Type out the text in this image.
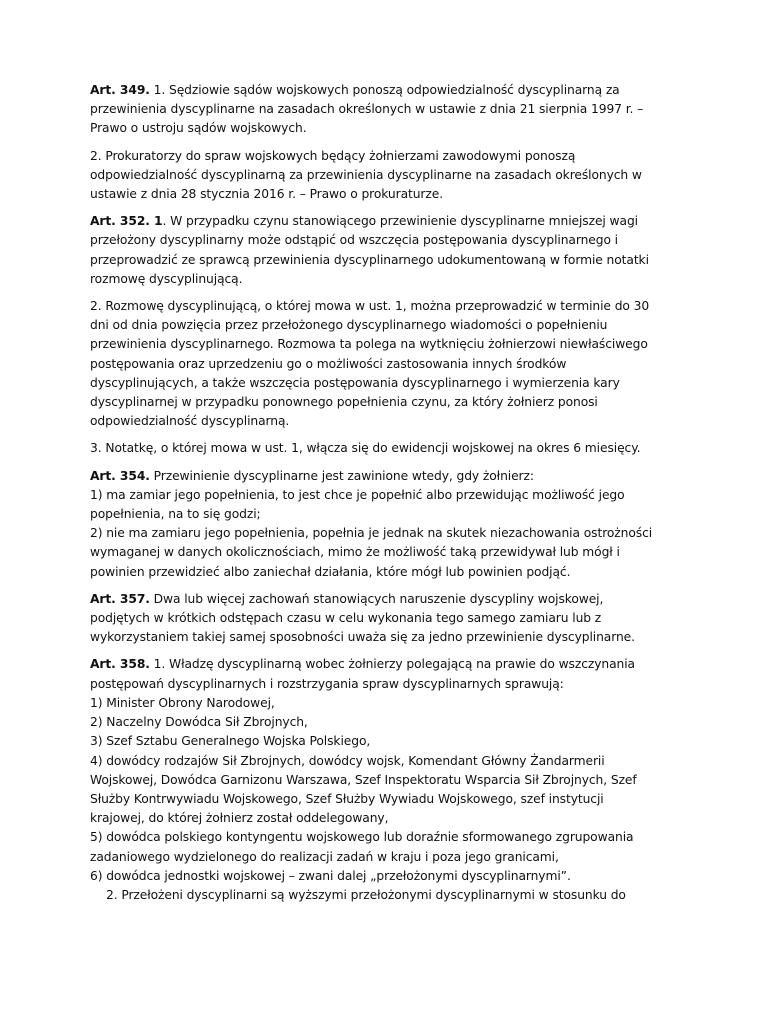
Art. 349. 1. Sędziowie sądów wojskowych ponoszą odpowiedzialność dyscyplinarną za
przewinienia dyscyplinarne na zasadach określonych w ustawie z dnia 21 sierpnia 1997 r. –
Prawo o ustroju sądów wojskowych.

2. Prokuratorzy do spraw wojskowych będący żołnierzami zawodowymi ponoszą
odpowiedzialność dyscyplinarną za przewinienia dyscyplinarne na zasadach określonych w
ustawie z dnia 28 stycznia 2016 r. – Prawo o prokuraturze.

Art. 352. 1. W przypadku czynu stanowiącego przewinienie dyscyplinarne mniejszej wagi
przełożony dyscyplinarny może odstąpić od wszczęcia postępowania dyscyplinarnego i
przeprowadzić ze sprawcą przewinienia dyscyplinarnego udokumentowaną w formie notatki
rozmowę dyscyplinującą.

2. Rozmowę dyscyplinującą, o której mowa w ust. 1, można przeprowadzić w terminie do 30
dni od dnia powzięcia przez przełożonego dyscyplinarnego wiadomości o popełnieniu
przewinienia dyscyplinarnego. Rozmowa ta polega na wytknięciu żołnierzowi niewłaściwego
postępowania oraz uprzedzeniu go o możliwości zastosowania innych środków
dyscyplinujących, a także wszczęcia postępowania dyscyplinarnego i wymierzenia kary
dyscyplinarnej w przypadku ponownego popełnienia czynu, za który żołnierz ponosi
odpowiedzialność dyscyplinarną.

3. Notatkę, o której mowa w ust. 1, włącza się do ewidencji wojskowej na okres 6 miesięcy.

Art. 354. Przewinienie dyscyplinarne jest zawinione wtedy, gdy żołnierz:
1) ma zamiar jego popełnienia, to jest chce je popełnić albo przewidując możliwość jego
popełnienia, na to się godzi;
2) nie ma zamiaru jego popełnienia, popełnia je jednak na skutek niezachowania ostrożności
wymaganej w danych okolicznościach, mimo że możliwość taką przewidywał lub mógł i
powinien przewidzieć albo zaniechał działania, które mógł lub powinien podjąć.

Art. 357. Dwa lub więcej zachowań stanowiących naruszenie dyscypliny wojskowej,
podjętych w krótkich odstępach czasu w celu wykonania tego samego zamiaru lub z
wykorzystaniem takiej samej sposobności uważa się za jedno przewinienie dyscyplinarne.

Art. 358. 1. Władzę dyscyplinarną wobec żołnierzy polegającą na prawie do wszczynania
postępowań dyscyplinarnych i rozstrzygania spraw dyscyplinarnych sprawują:
1) Minister Obrony Narodowej,
2) Naczelny Dowódca Sił Zbrojnych,
3) Szef Sztabu Generalnego Wojska Polskiego,
4) dowódcy rodzajów Sił Zbrojnych, dowódcy wojsk, Komendant Główny Żandarmerii
Wojskowej, Dowódca Garnizonu Warszawa, Szef Inspektoratu Wsparcia Sił Zbrojnych, Szef
Służby Kontrwywiadu Wojskowego, Szef Służby Wywiadu Wojskowego, szef instytucji
krajowej, do której żołnierz został oddelegowany,
5) dowódca polskiego kontyngentu wojskowego lub doraźnie sformowanego zgrupowania
zadaniowego wydzielonego do realizacji zadań w kraju i poza jego granicami,
6) dowódca jednostki wojskowej – zwani dalej „przełożonymi dyscyplinarnymi”.
2. Przełożeni dyscyplinarni są wyższymi przełożonymi dyscyplinarnymi w stosunku do
